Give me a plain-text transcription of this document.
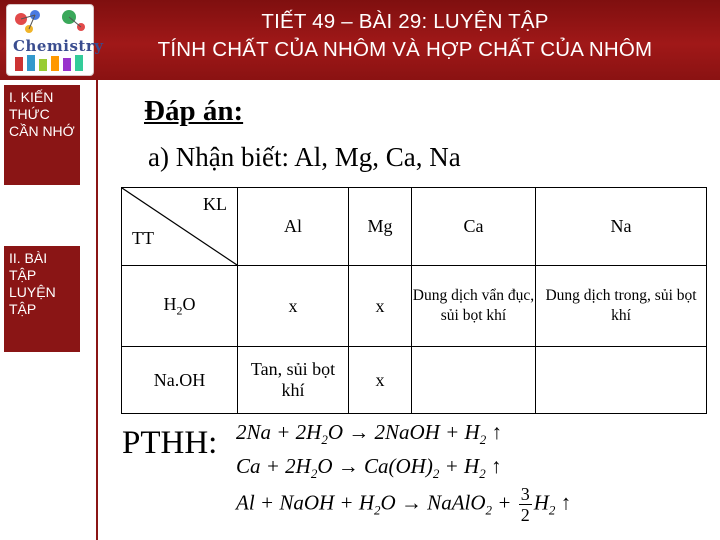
Chemistry
TIẾT 49 – BÀI 29: LUYỆN TẬP
TÍNH CHẤT CỦA NHÔM VÀ HỢP CHẤT CỦA NHÔM
I. KIẾN THỨC CẦN NHỚ
II. BÀI TẬP LUYỆN TẬP
Đáp án:
a) Nhận biết: Al, Mg, Ca, Na
KL
TT	Al	Mg	Ca	Na
$H_2O$	x	x	Dung dịch vẩn đục, sủi bọt khí	Dung dịch trong, sủi bọt khí
Na.OH	Tan, sủi bọt khí	x		
PTHH: $2Na + 2H_2O$ → 2NaOH + $H_2$ ↑
$Ca + 2H_2O \to Ca(OH)_2 + H_2$ ↑
Al + NaOH + $H_2O$ → NaAlO$_2$ + $\frac{3}{2} H_2$ ↑
